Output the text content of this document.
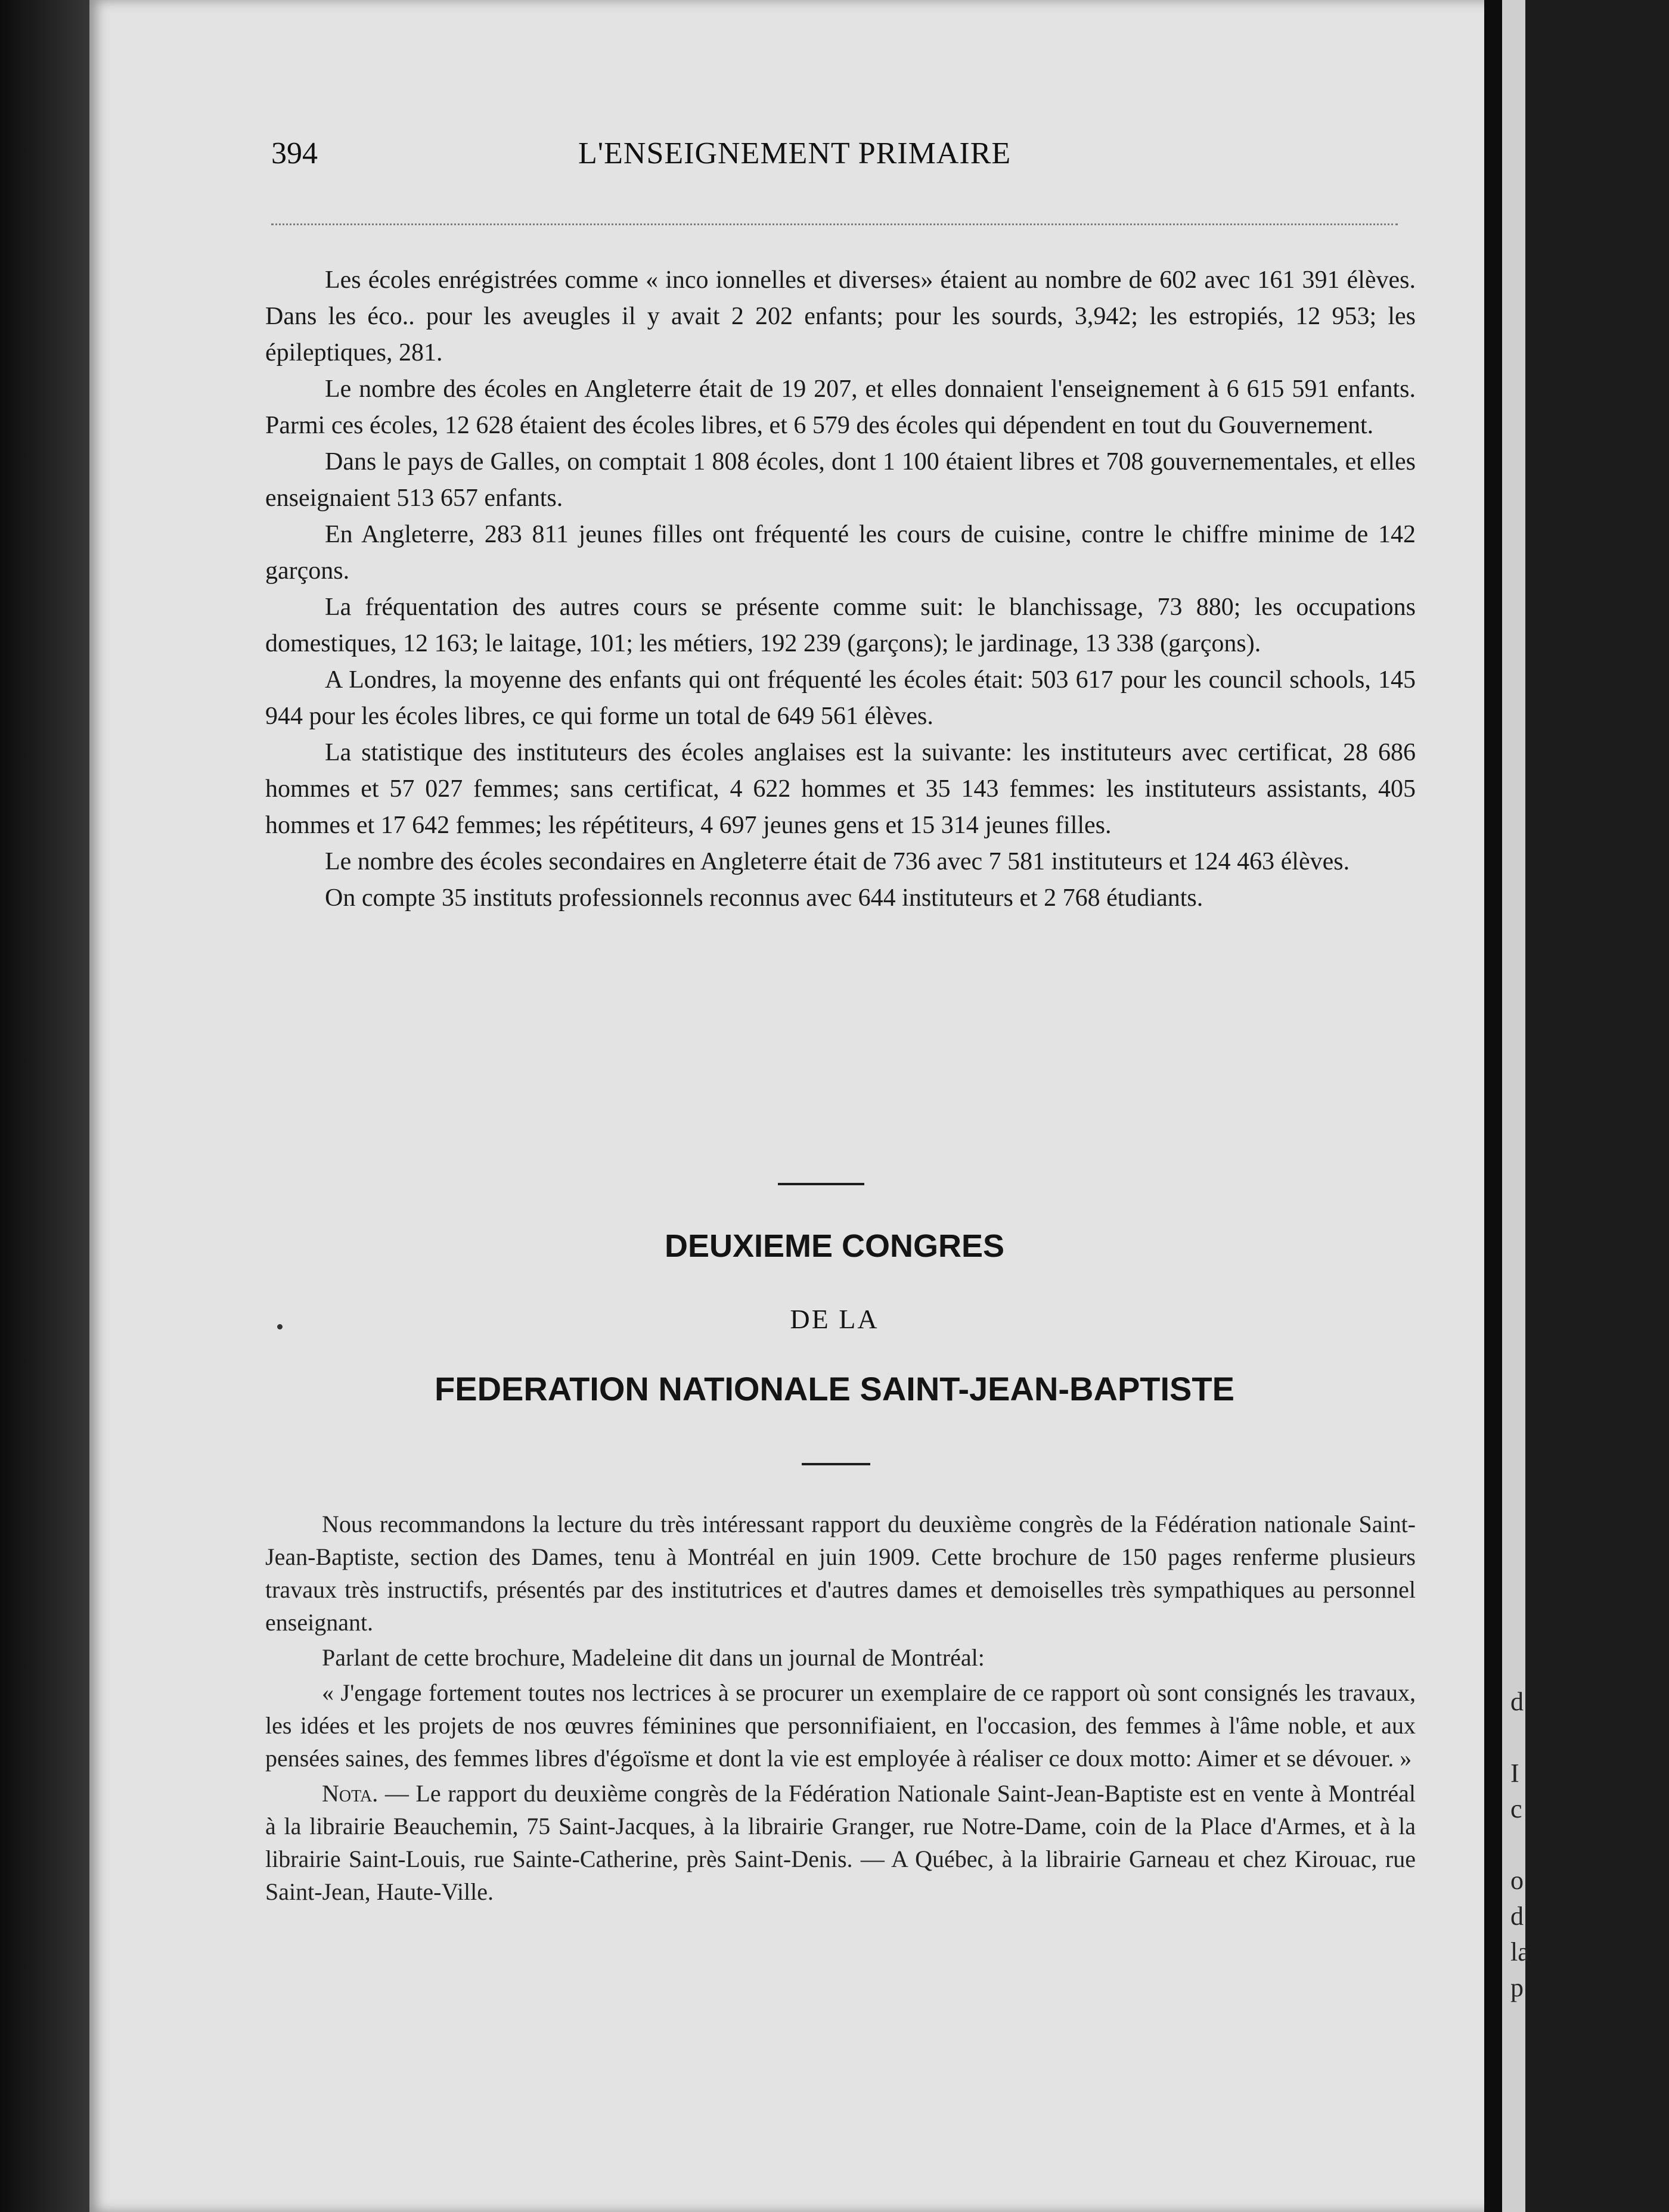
394	L'ENSEIGNEMENT PRIMAIRE

Les écoles enrégistrées comme « inco ionnelles et diverses» étaient au nombre de 602 avec 161 391 élèves. Dans les éco.. pour les aveugles il y avait 2 202 enfants; pour les sourds, 3,942; les estropiés, 12 953; les épileptiques, 281.

Le nombre des écoles en Angleterre était de 19 207, et elles donnaient l'enseignement à 6 615 591 enfants. Parmi ces écoles, 12 628 étaient des écoles libres, et 6 579 des écoles qui dépendent en tout du Gouvernement.

Dans le pays de Galles, on comptait 1 808 écoles, dont 1 100 étaient libres et 708 gouvernementales, et elles enseignaient 513 657 enfants.

En Angleterre, 283 811 jeunes filles ont fréquenté les cours de cuisine, contre le chiffre minime de 142 garçons.

La fréquentation des autres cours se présente comme suit: le blanchissage, 73 880; les occupations domestiques, 12 163; le laitage, 101; les métiers, 192 239 (garçons); le jardinage, 13 338 (garçons).

A Londres, la moyenne des enfants qui ont fréquenté les écoles était: 503 617 pour les council schools, 145 944 pour les écoles libres, ce qui forme un total de 649 561 élèves.

La statistique des instituteurs des écoles anglaises est la suivante: les instituteurs avec certificat, 28 686 hommes et 57 027 femmes; sans certificat, 4 622 hommes et 35 143 femmes: les instituteurs assistants, 405 hommes et 17 642 femmes; les répétiteurs, 4 697 jeunes gens et 15 314 jeunes filles.

Le nombre des écoles secondaires en Angleterre était de 736 avec 7 581 instituteurs et 124 463 élèves.

On compte 35 instituts professionnels reconnus avec 644 instituteurs et 2 768 étudiants.

DEUXIEME CONGRES
DE LA
FEDERATION NATIONALE SAINT-JEAN-BAPTISTE

Nous recommandons la lecture du très intéressant rapport du deuxième congrès de la Fédération nationale Saint-Jean-Baptiste, section des Dames, tenu à Montréal en juin 1909. Cette brochure de 150 pages renferme plusieurs travaux très instructifs, présentés par des institutrices et d'autres dames et demoiselles très sympathiques au personnel enseignant.

Parlant de cette brochure, Madeleine dit dans un journal de Montréal:

« J'engage fortement toutes nos lectrices à se procurer un exemplaire de ce rapport où sont consignés les travaux, les idées et les projets de nos œuvres féminines que personnifiaient, en l'occasion, des femmes à l'âme noble, et aux pensées saines, des femmes libres d'égoïsme et dont la vie est employée à réaliser ce doux motto: Aimer et se dévouer. »

Nota. — Le rapport du deuxième congrès de la Fédération Nationale Saint-Jean-Baptiste est en vente à Montréal à la librairie Beauchemin, 75 Saint-Jacques, à la librairie Granger, rue Notre-Dame, coin de la Place d'Armes, et à la librairie Saint-Louis, rue Sainte-Catherine, près Saint-Denis. — A Québec, à la librairie Garneau et chez Kirouac, rue Saint-Jean, Haute-Ville.

d
I
c
o
d
la
p
